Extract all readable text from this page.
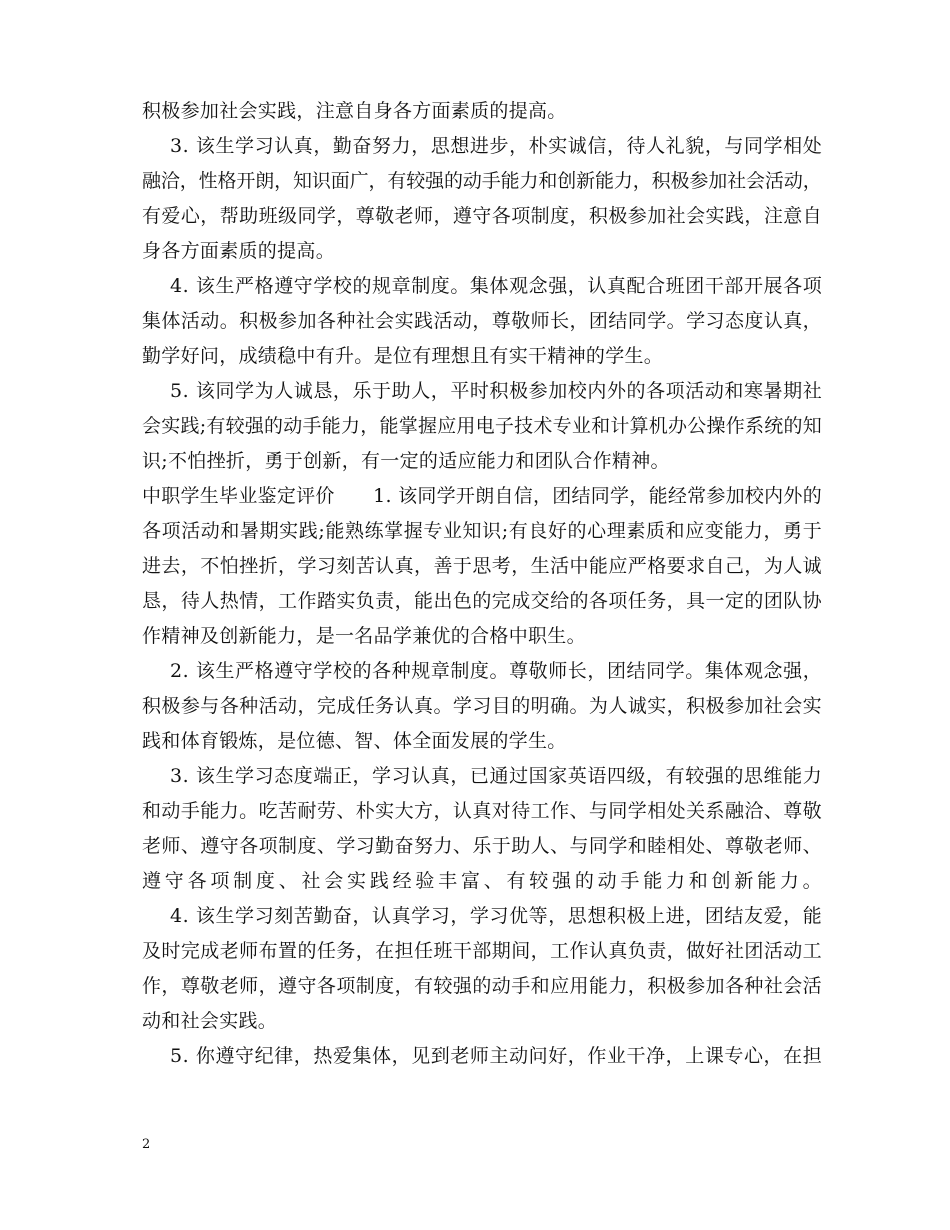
积极参加社会实践，注意自身各方面素质的提高。
3. 该生学习认真，勤奋努力，思想进步，朴实诚信，待人礼貌，与同学相处
融洽，性格开朗，知识面广，有较强的动手能力和创新能力，积极参加社会活动，
有爱心，帮助班级同学，尊敬老师，遵守各项制度，积极参加社会实践，注意自
身各方面素质的提高。
4. 该生严格遵守学校的规章制度。集体观念强，认真配合班团干部开展各项
集体活动。积极参加各种社会实践活动，尊敬师长，团结同学。学习态度认真，
勤学好问，成绩稳中有升。是位有理想且有实干精神的学生。
5. 该同学为人诚恳，乐于助人，平时积极参加校内外的各项活动和寒暑期社
会实践;有较强的动手能力，能掌握应用电子技术专业和计算机办公操作系统的知
识;不怕挫折，勇于创新，有一定的适应能力和团队合作精神。
中职学生毕业鉴定评价　　1. 该同学开朗自信，团结同学，能经常参加校内外的
各项活动和暑期实践;能熟练掌握专业知识;有良好的心理素质和应变能力，勇于
进去，不怕挫折，学习刻苦认真，善于思考，生活中能应严格要求自己，为人诚
恳，待人热情，工作踏实负责，能出色的完成交给的各项任务，具一定的团队协
作精神及创新能力，是一名品学兼优的合格中职生。
2. 该生严格遵守学校的各种规章制度。尊敬师长，团结同学。集体观念强，
积极参与各种活动，完成任务认真。学习目的明确。为人诚实，积极参加社会实
践和体育锻炼，是位德、智、体全面发展的学生。
3. 该生学习态度端正，学习认真，已通过国家英语四级，有较强的思维能力
和动手能力。吃苦耐劳、朴实大方，认真对待工作、与同学相处关系融洽、尊敬
老师、遵守各项制度、学习勤奋努力、乐于助人、与同学和睦相处、尊敬老师、
遵守各项制度、社会实践经验丰富、有较强的动手能力和创新能力。
4. 该生学习刻苦勤奋，认真学习，学习优等，思想积极上进，团结友爱，能
及时完成老师布置的任务，在担任班干部期间，工作认真负责，做好社团活动工
作，尊敬老师，遵守各项制度，有较强的动手和应用能力，积极参加各种社会活
动和社会实践。
5. 你遵守纪律，热爱集体，见到老师主动问好，作业干净，上课专心，在担
2
